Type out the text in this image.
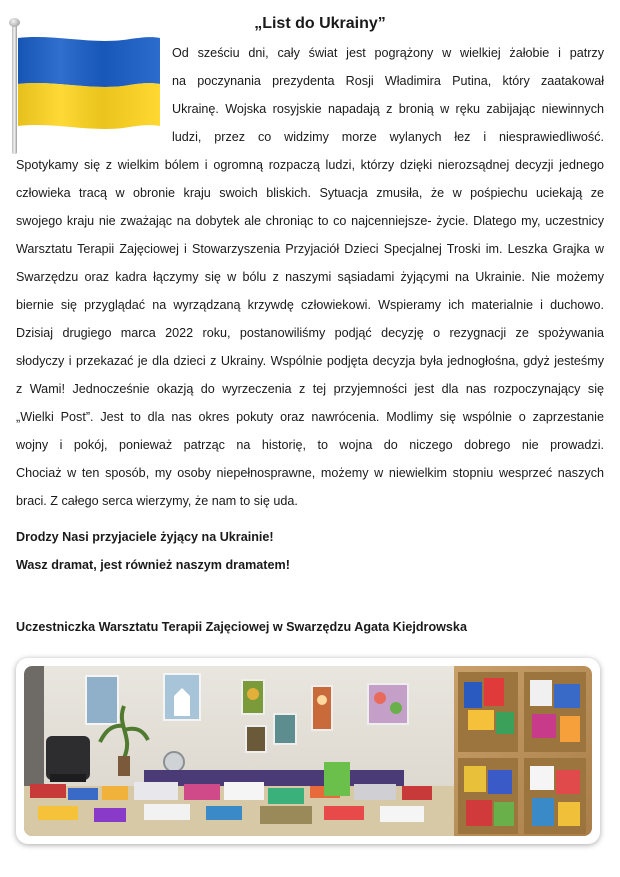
„List do Ukrainy”
Od sześciu dni, cały świat jest pogrążony w wielkiej żałobie i patrzy
na poczynania prezydenta Rosji Władimira Putina, który zaatakował
Ukrainę. Wojska rosyjskie napadają z bronią w ręku zabijając niewinnych
ludzi, przez co widzimy morze wylanych łez i niesprawiedliwość.
Spotykamy się z wielkim bólem i ogromną rozpaczą ludzi, którzy dzięki nierozsądnej decyzji jednego
człowieka tracą w obronie kraju swoich bliskich. Sytuacja zmusiła, że w pośpiechu uciekają ze
swojego kraju nie zważając na dobytek ale chroniąc to co najcenniejsze- życie. Dlatego my, uczestnicy
Warsztatu Terapii Zajęciowej i Stowarzyszenia Przyjaciół Dzieci Specjalnej Troski im. Leszka Grajka w
Swarzędzu oraz kadra łączymy się w bólu z naszymi sąsiadami żyjącymi na Ukrainie. Nie możemy
biernie się przyglądać na wyrządzaną krzywdę człowiekowi. Wspieramy ich materialnie i duchowo.
Dzisiaj drugiego marca 2022 roku, postanowiliśmy podjąć decyzję o rezygnacji ze spożywania
słodyczy i przekazać je dla dzieci z Ukrainy. Wspólnie podjęta decyzja była jednogłośna, gdyż jesteśmy
z Wami! Jednocześnie okazją do wyrzeczenia z tej przyjemności jest dla nas rozpoczynający się
„Wielki Post”. Jest to dla nas okres pokuty oraz nawrócenia. Modlimy się wspólnie o zaprzestanie
wojny i pokój, ponieważ patrząc na historię, to wojna do niczego dobrego nie prowadzi.
Chociaż w ten sposób, my osoby niepełnosprawne, możemy w niewielkim stopniu wesprzeć naszych
braci. Z całego serca wierzymy, że nam to się uda.
Drodzy Nasi przyjaciele żyjący na Ukrainie!
Wasz dramat, jest również naszym dramatem!
Uczestniczka Warsztatu Terapii Zajęciowej w Swarzędzu Agata Kiejdrowska
